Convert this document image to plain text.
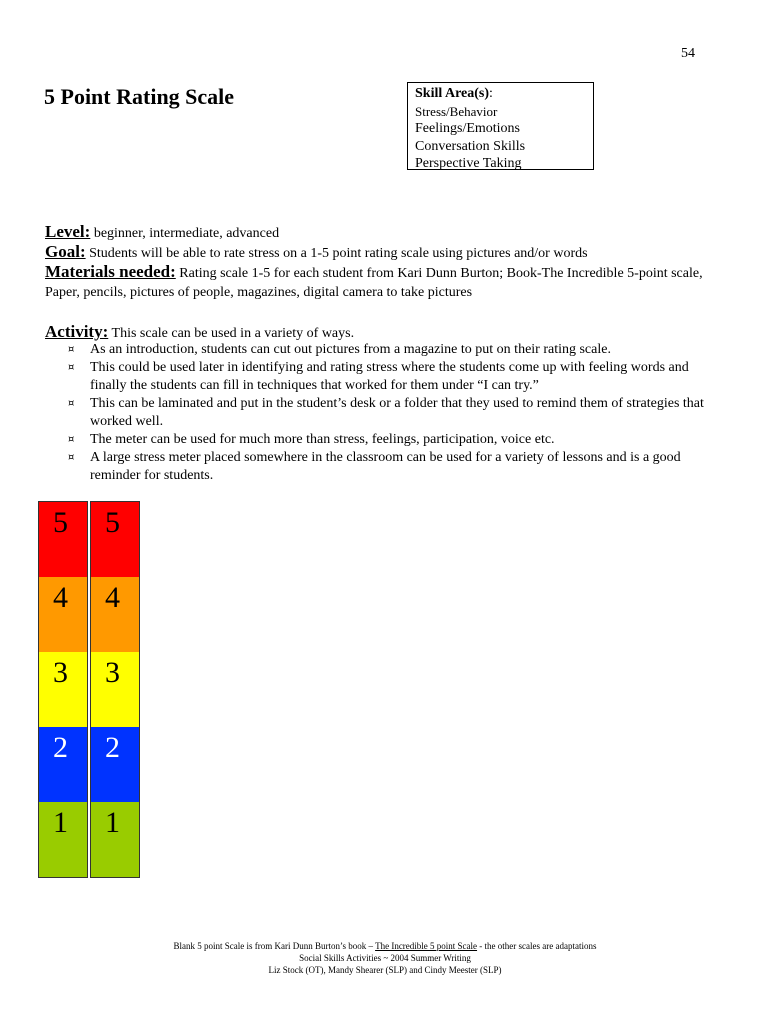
54
5 Point Rating Scale	Skill Area(s):
Stress/Behavior
Feelings/Emotions
Conversation Skills
Perspective Taking
Level: beginner, intermediate, advanced
Goal: Students will be able to rate stress on a 1-5 point rating scale using pictures and/or words
Materials needed: Rating scale 1-5 for each student from Kari Dunn Burton; Book-The Incredible 5-point scale, Paper, pencils, pictures of people, magazines, digital camera to take pictures
Activity: This scale can be used in a variety of ways.
¤ As an introduction, students can cut out pictures from a magazine to put on their rating scale.
¤ This could be used later in identifying and rating stress where the students come up with feeling words and finally the students can fill in techniques that worked for them under “I can try.”
¤ This can be laminated and put in the student’s desk or a folder that they used to remind them of strategies that worked well.
¤ The meter can be used for much more than stress, feelings, participation, voice etc.
¤ A large stress meter placed somewhere in the classroom can be used for a variety of lessons and is a good reminder for students.
5
4
3
2
1
5
4
3
2
1
Blank 5 point Scale is from Kari Dunn Burton’s book – The Incredible 5 point Scale - the other scales are adaptations
Social Skills Activities ~ 2004 Summer Writing
Liz Stock (OT), Mandy Shearer (SLP) and Cindy Meester (SLP)
